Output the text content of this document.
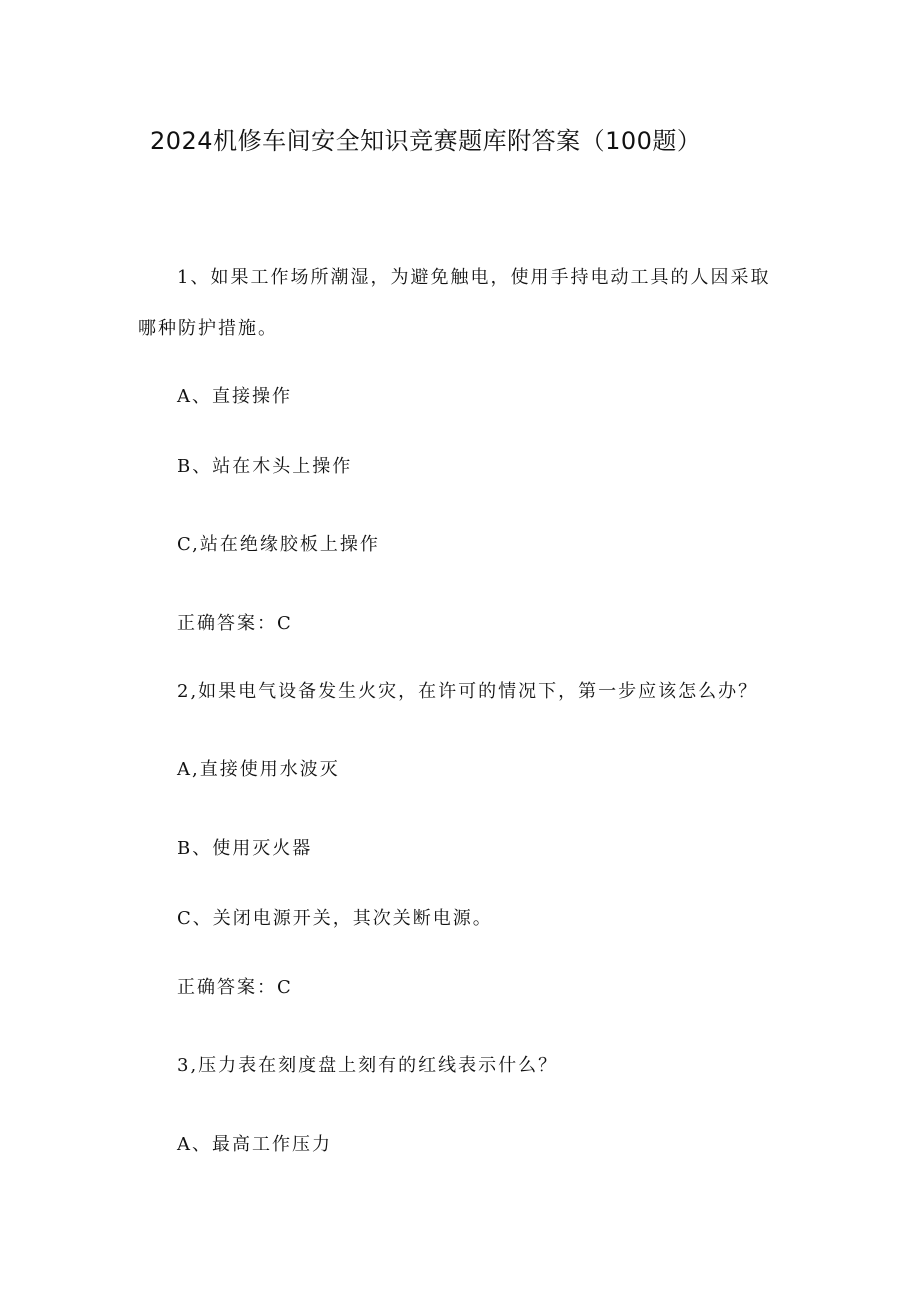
2024机修车间安全知识竞赛题库附答案（100题）
1、如果工作场所潮湿，为避免触电，使用手持电动工具的人因采取
哪种防护措施。
A、直接操作
B、站在木头上操作
C,站在绝缘胶板上操作
正确答案：C
2,如果电气设备发生火灾，在许可的情况下，第一步应该怎么办？
A,直接使用水波灭
B、使用灭火器
C、关闭电源开关，其次关断电源。
正确答案：C
3,压力表在刻度盘上刻有的红线表示什么？
A、最高工作压力
